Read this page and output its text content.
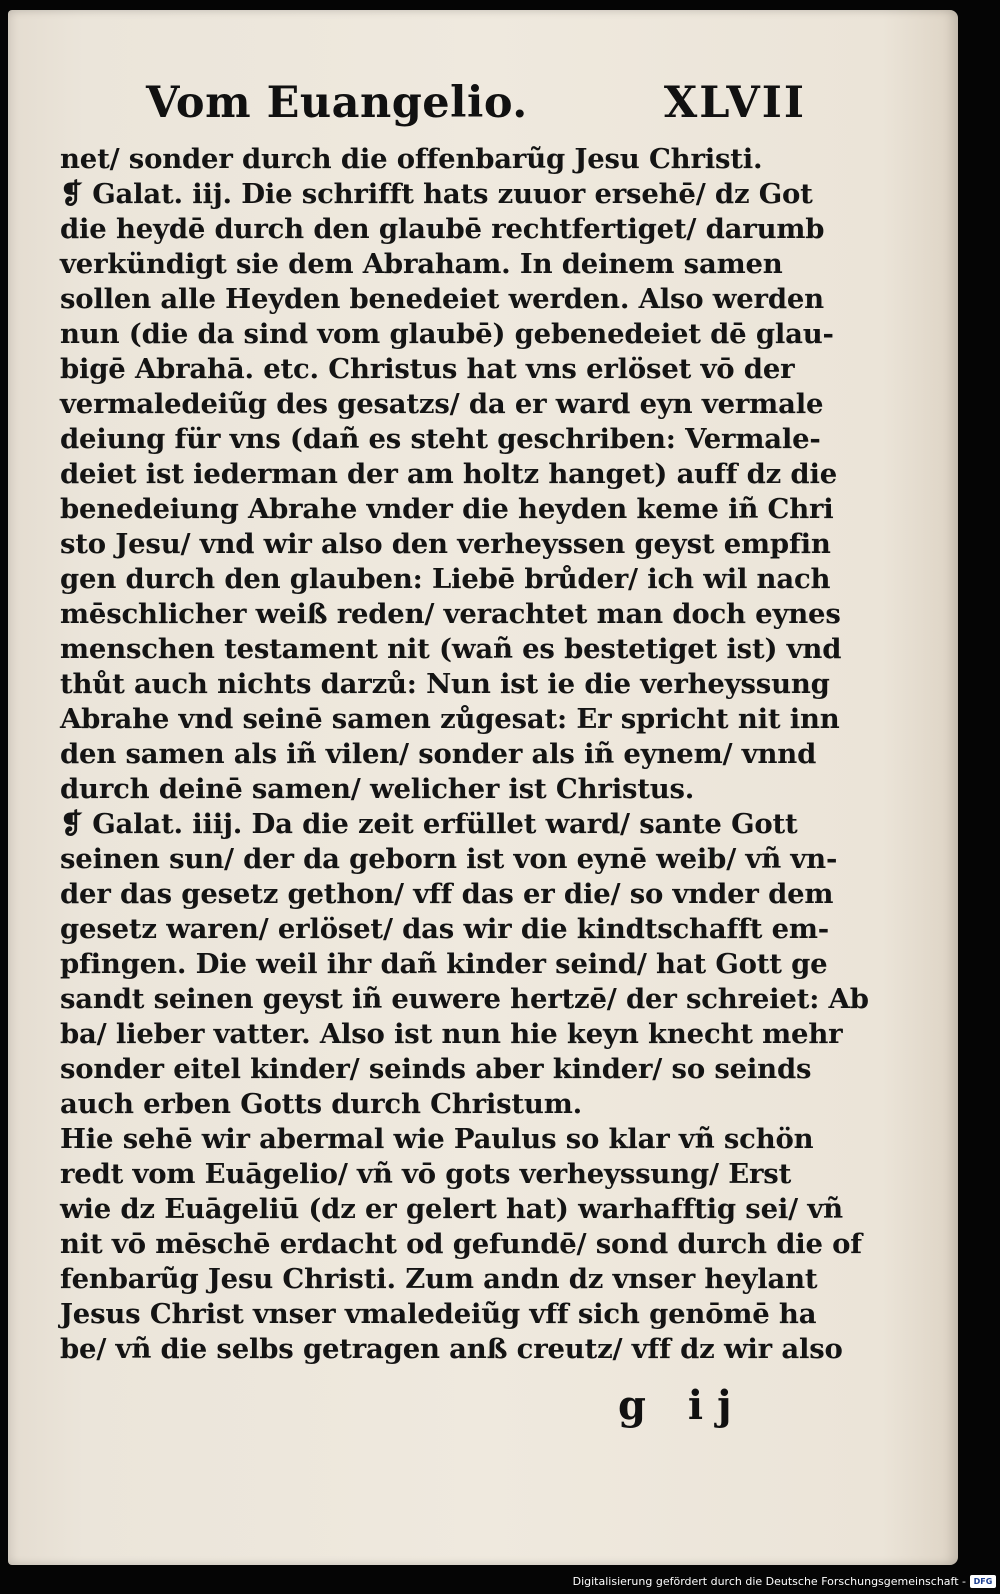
Vom Euangelio.	XLVII
net/ sonder durch die offenbarũg Jesu Christi.
❡ Galat. iij. Die schrifft hats zuuor ersehē/ dz Got
die heydē durch den glaubē rechtfertiget/ darumb
verkündigt sie dem Abraham. In deinem samen
sollen alle Heyden benedeiet werden. Also werden
nun (die da sind vom glaubē) gebenedeiet dē glau-
bigē Abrahā. etc. Christus hat vns erlöset vō der
vermaledeiũg des gesatzs/ da er ward eyn vermale
deiung für vns (dañ es steht geschriben: Vermale-
deiet ist iederman der am holtz hanget) auff dz die
benedeiung Abrahe vnder die heyden keme iñ Chri
sto Jesu/ vnd wir also den verheyssen geyst empfin
gen durch den glauben: Liebē brůder/ ich wil nach
mēschlicher weiß reden/ verachtet man doch eynes
menschen testament nit (wañ es bestetiget ist) vnd
thůt auch nichts darzů: Nun ist ie die verheyssung
Abrahe vnd seinē samen zůgesat: Er spricht nit inn
den samen als iñ vilen/ sonder als iñ eynem/ vnnd
durch deinē samen/ welicher ist Christus.
❡ Galat. iiij. Da die zeit erfüllet ward/ sante Gott
seinen sun/ der da geborn ist von eynē weib/ vñ vn-
der das gesetz gethon/ vff das er die/ so vnder dem
gesetz waren/ erlöset/ das wir die kindtschafft em-
pfingen. Die weil ihr dañ kinder seind/ hat Gott ge
sandt seinen geyst iñ euwere hertzē/ der schreiet: Ab
ba/ lieber vatter. Also ist nun hie keyn knecht mehr
sonder eitel kinder/ seinds aber kinder/ so seinds
auch erben Gotts durch Christum.
Hie sehē wir abermal wie Paulus so klar vñ schön
redt vom Euāgelio/ vñ vō gots verheyssung/ Erst
wie dz Euāgeliū (dz er gelert hat) warhafftig sei/ vñ
nit vō mēschē erdacht od gefundē/ sond durch die of
fenbarũg Jesu Christi. Zum andn dz vnser heylant
Jesus Christ vnser vmaledeiũg vff sich genōmē ha
be/ vñ die selbs getragen anß creutz/ vff dz wir also
g ij
Digitalisierung gefördert durch die Deutsche Forschungsgemeinschaft - DFG
